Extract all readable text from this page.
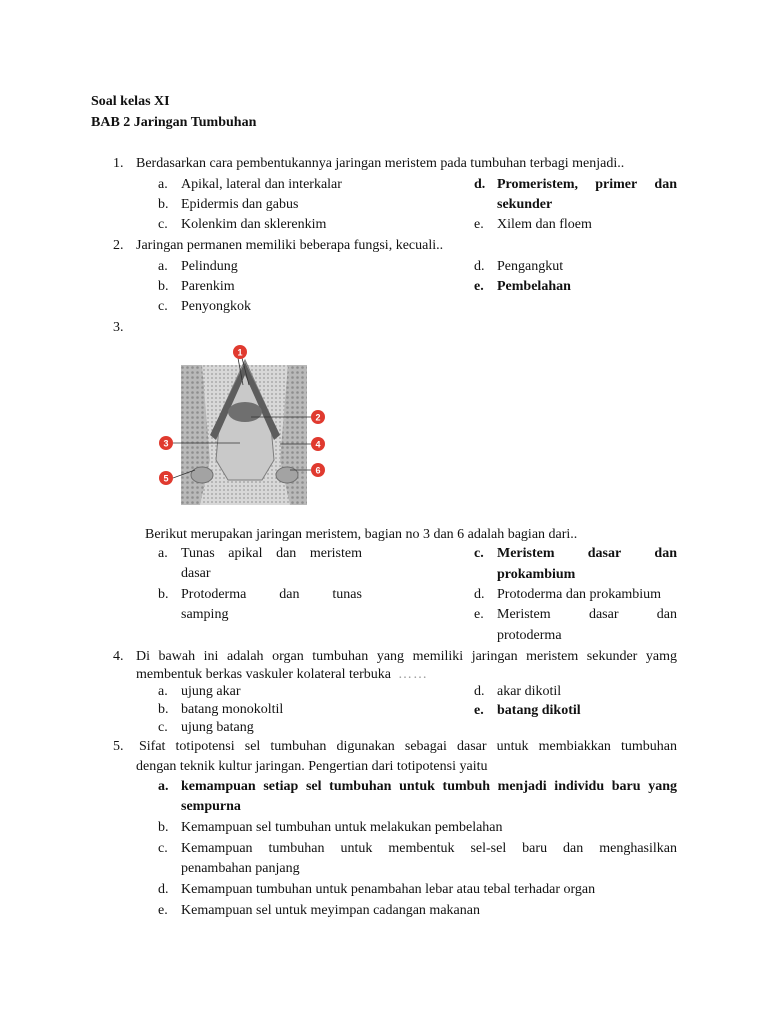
Soal kelas XI
BAB 2 Jaringan Tumbuhan
1. Berdasarkan cara pembentukannya jaringan meristem pada tumbuhan terbagi menjadi..
a. Apikal, lateral dan interkalar
b. Epidermis dan gabus
c. Kolenkim dan sklerenkim
d. Promeristem, primer dan
sekunder
e. Xilem dan floem
2. Jaringan permanen memiliki beberapa fungsi, kecuali..
a. Pelindung
b. Parenkim
c. Penyongkok
d. Pengangkut
e. Pembelahan
3.
1
2
3	4
5
6
Berikut merupakan jaringan meristem, bagian no 3 dan 6 adalah bagian dari..
a. Tunas apikal dan meristem
dasar
b. Protoderma dan tunas
samping
c. Meristem dasar dan
prokambium
d. Protoderma dan prokambium
e. Meristem	dasar	dan
protoderma
4. Di bawah ini adalah organ tumbuhan yang memiliki jaringan meristem sekunder yamg
membentuk berkas vaskuler kolateral terbuka ……
a. ujung akar
b. batang monokoltil
c. ujung batang
d. akar dikotil
e. batang dikotil
5. Sifat totipotensi sel tumbuhan digunakan sebagai dasar untuk membiakkan tumbuhan
dengan teknik kultur jaringan. Pengertian dari totipotensi yaitu
a. kemampuan setiap sel tumbuhan untuk tumbuh menjadi individu baru yang
sempurna
b. Kemampuan sel tumbuhan untuk melakukan pembelahan
c. Kemampuan tumbuhan untuk membentuk sel-sel baru dan menghasilkan
penambahan panjang
d. Kemampuan tumbuhan untuk penambahan lebar atau tebal terhadar organ
e. Kemampuan sel untuk meyimpan cadangan makanan
